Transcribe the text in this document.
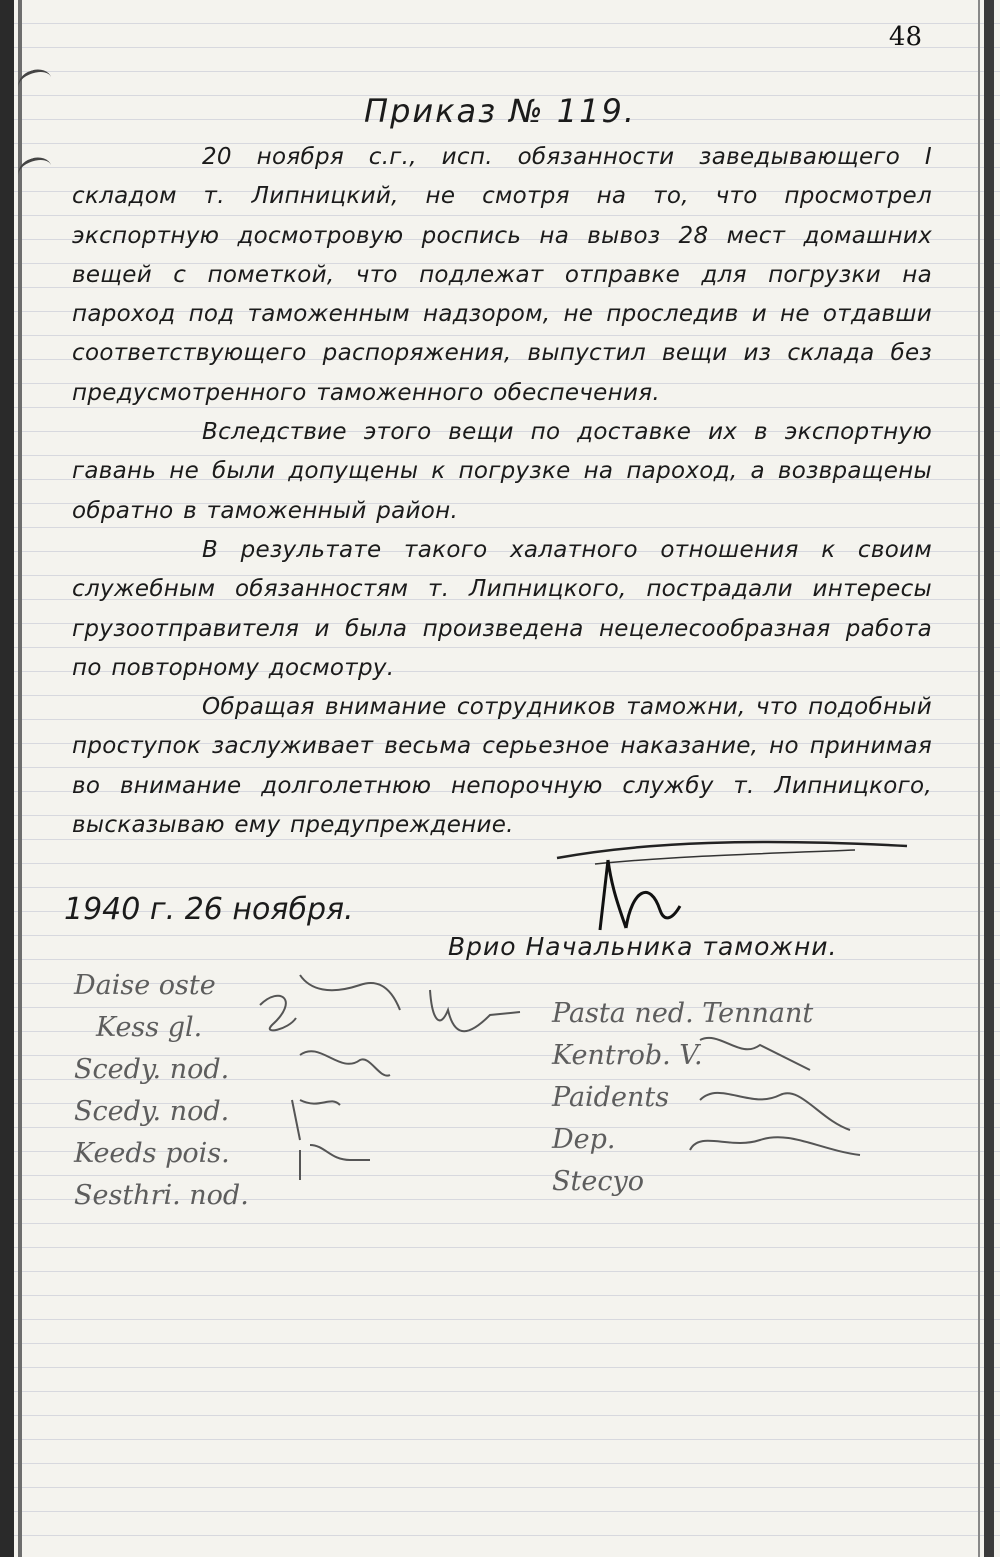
48
Приказ № 119.

20 ноября с.г., исп. обязанности заведывающего I складом т. Липницкий, не смотря на то, что просмотрел экспортную досмотровую роспись на вывоз 28 мест домашних вещей с пометкой, что подлежат отправке для погрузки на пароход под таможенным надзором, не проследив и не отдавши соответствующего распоряжения, выпустил вещи из склада без предусмотренного таможенного обеспечения.

Вследствие этого вещи по доставке их в экспортную гавань не были допущены к погрузке на пароход, а возвращены обратно в таможенный район.

В результате такого халатного отношения к своим служебным обязанностям т. Липницкого, пострадали интересы грузоотправителя и была произведена нецелесообразная работа по повторному досмотру.

Обращая внимание сотрудников таможни, что подобный проступок заслуживает весьма серьезное наказание, но принимая во внимание долголетнюю непорочную службу т. Липницкого, высказываю ему предупреждение.

1940 г. 26 ноября.
Врио Начальника таможни.
Daise oste
Kess gl.
Scedy. nod.
Scedy. nod.
Keeds pois.
Sesthri. nod.
Pasta ned. Tennant
Kentrob. V.
Paidents
Dep.
Stecyo
